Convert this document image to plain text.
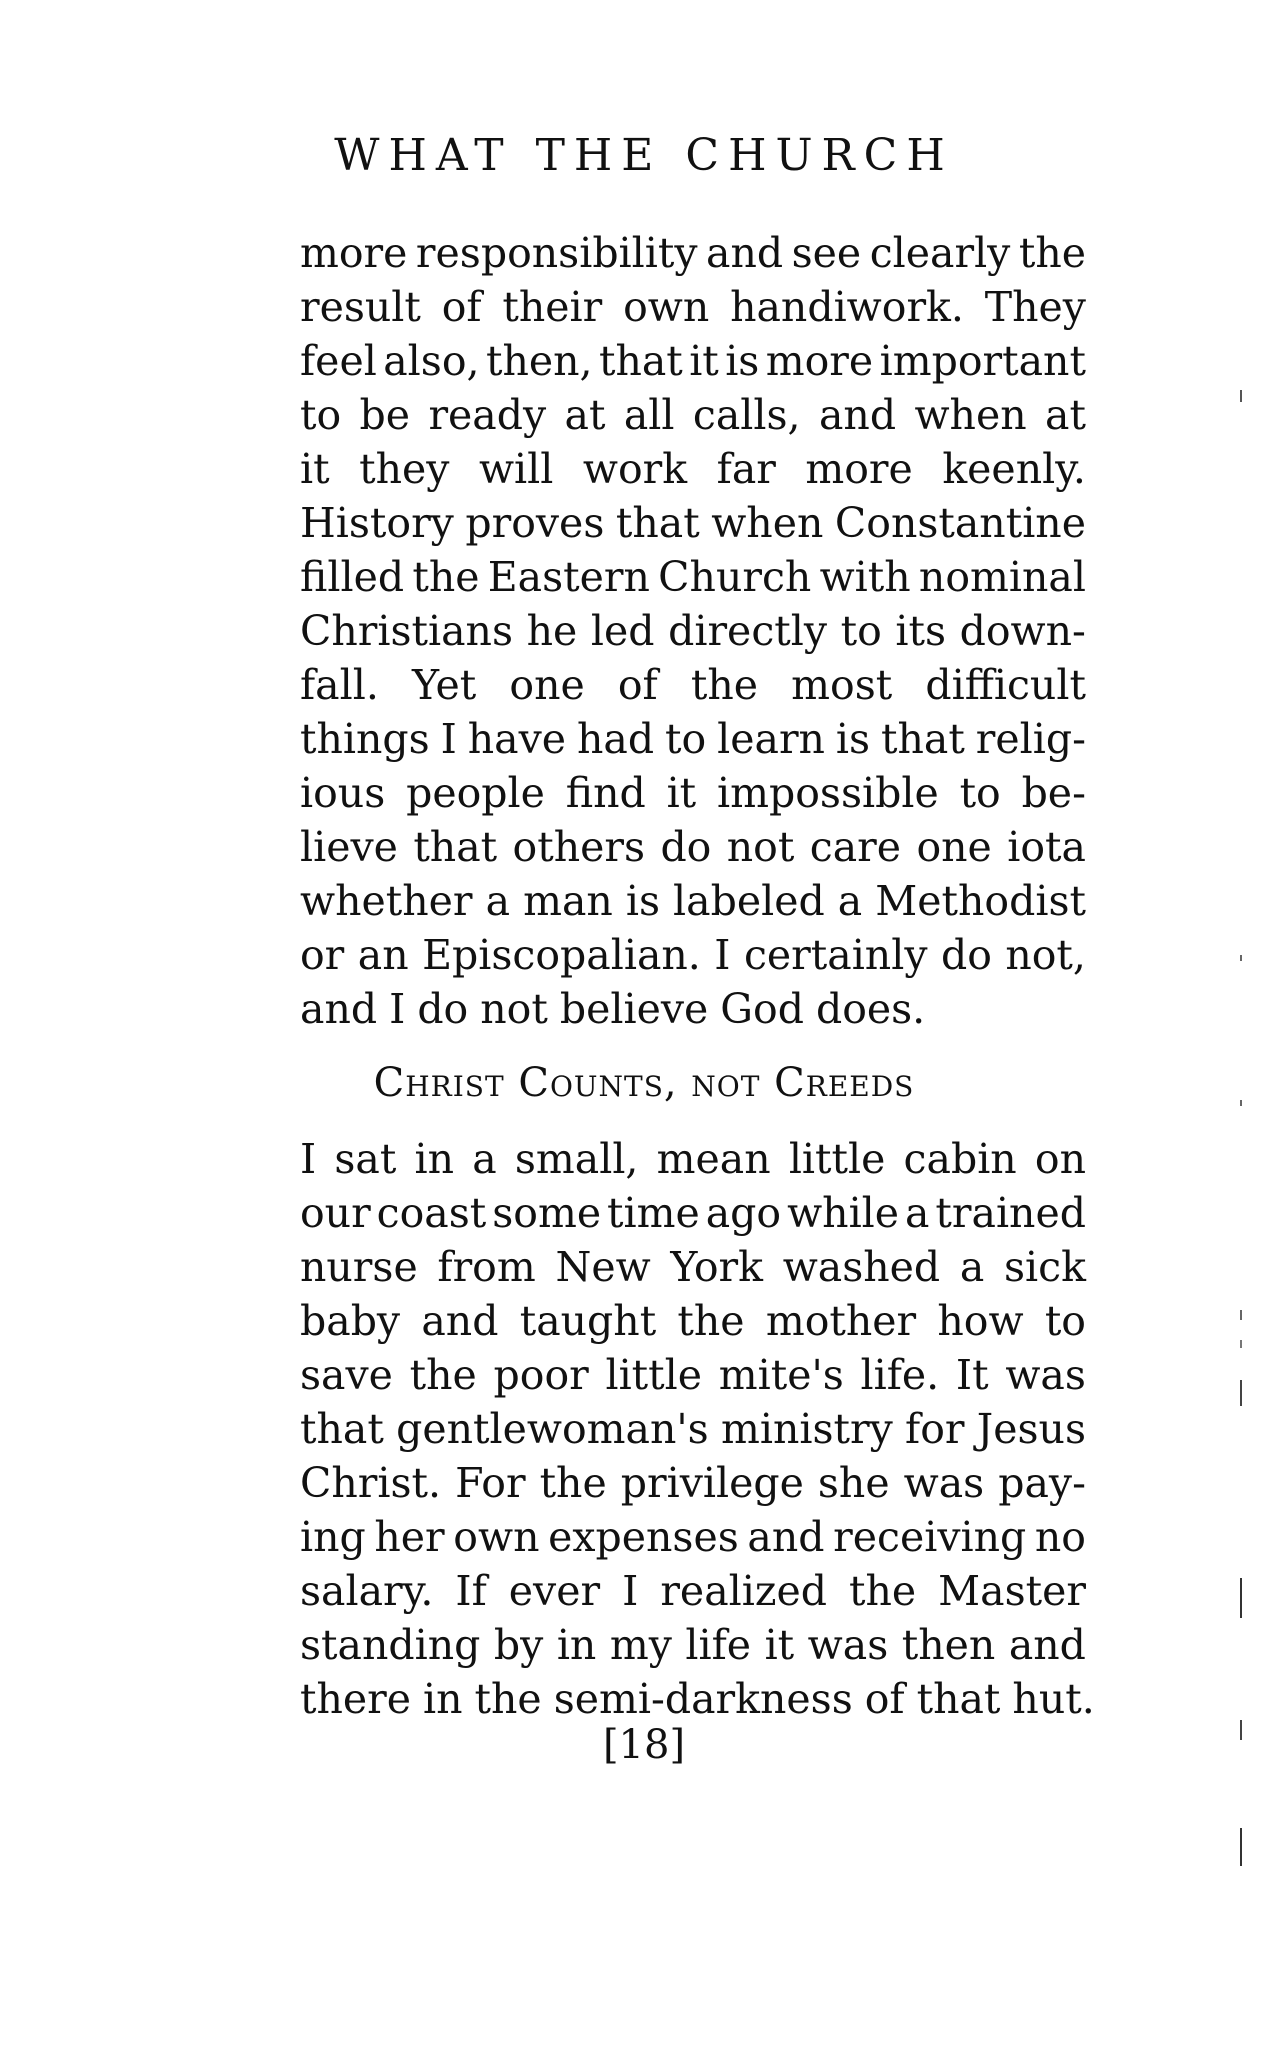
WHAT THE CHURCH
more responsibility and see clearly the
result of their own handiwork. They
feel also, then, that it is more important
to be ready at all calls, and when at
it they will work far more keenly.
History proves that when Constantine
filled the Eastern Church with nominal
Christians he led directly to its down-
fall. Yet one of the most difficult
things I have had to learn is that relig-
ious people find it impossible to be-
lieve that others do not care one iota
whether a man is labeled a Methodist
or an Episcopalian. I certainly do not,
and I do not believe God does.
Christ Counts, not Creeds
I sat in a small, mean little cabin on
our coast some time ago while a trained
nurse from New York washed a sick
baby and taught the mother how to
save the poor little mite's life. It was
that gentlewoman's ministry for Jesus
Christ. For the privilege she was pay-
ing her own expenses and receiving no
salary. If ever I realized the Master
standing by in my life it was then and
there in the semi-darkness of that hut.
[18]
